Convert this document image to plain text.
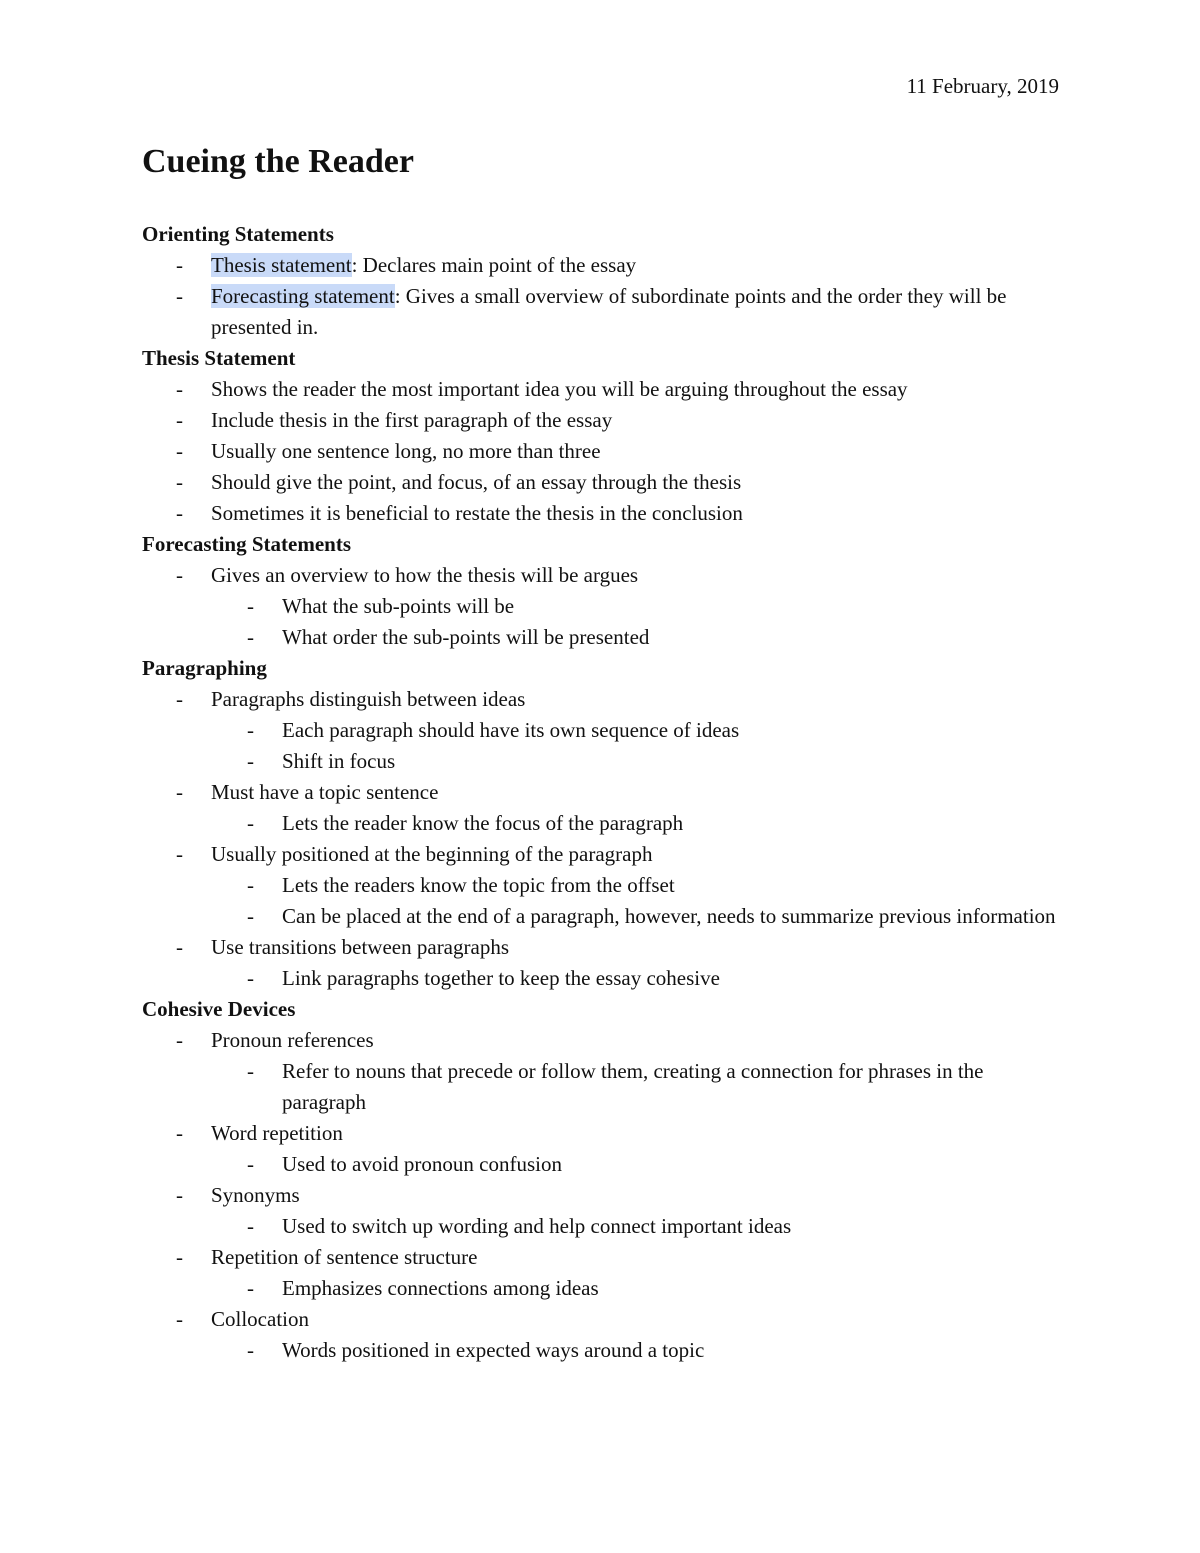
11 February, 2019
Cueing the Reader
Orienting Statements
- Thesis statement: Declares main point of the essay
- Forecasting statement: Gives a small overview of subordinate points and the order they will be presented in.
Thesis Statement
- Shows the reader the most important idea you will be arguing throughout the essay
- Include thesis in the first paragraph of the essay
- Usually one sentence long, no more than three
- Should give the point, and focus, of an essay through the thesis
- Sometimes it is beneficial to restate the thesis in the conclusion
Forecasting Statements
- Gives an overview to how the thesis will be argues
- What the sub-points will be
- What order the sub-points will be presented
Paragraphing
- Paragraphs distinguish between ideas
- Each paragraph should have its own sequence of ideas
- Shift in focus
- Must have a topic sentence
- Lets the reader know the focus of the paragraph
- Usually positioned at the beginning of the paragraph
- Lets the readers know the topic from the offset
- Can be placed at the end of a paragraph, however, needs to summarize previous information
- Use transitions between paragraphs
- Link paragraphs together to keep the essay cohesive
Cohesive Devices
- Pronoun references
- Refer to nouns that precede or follow them, creating a connection for phrases in the paragraph
- Word repetition
- Used to avoid pronoun confusion
- Synonyms
- Used to switch up wording and help connect important ideas
- Repetition of sentence structure
- Emphasizes connections among ideas
- Collocation
- Words positioned in expected ways around a topic
